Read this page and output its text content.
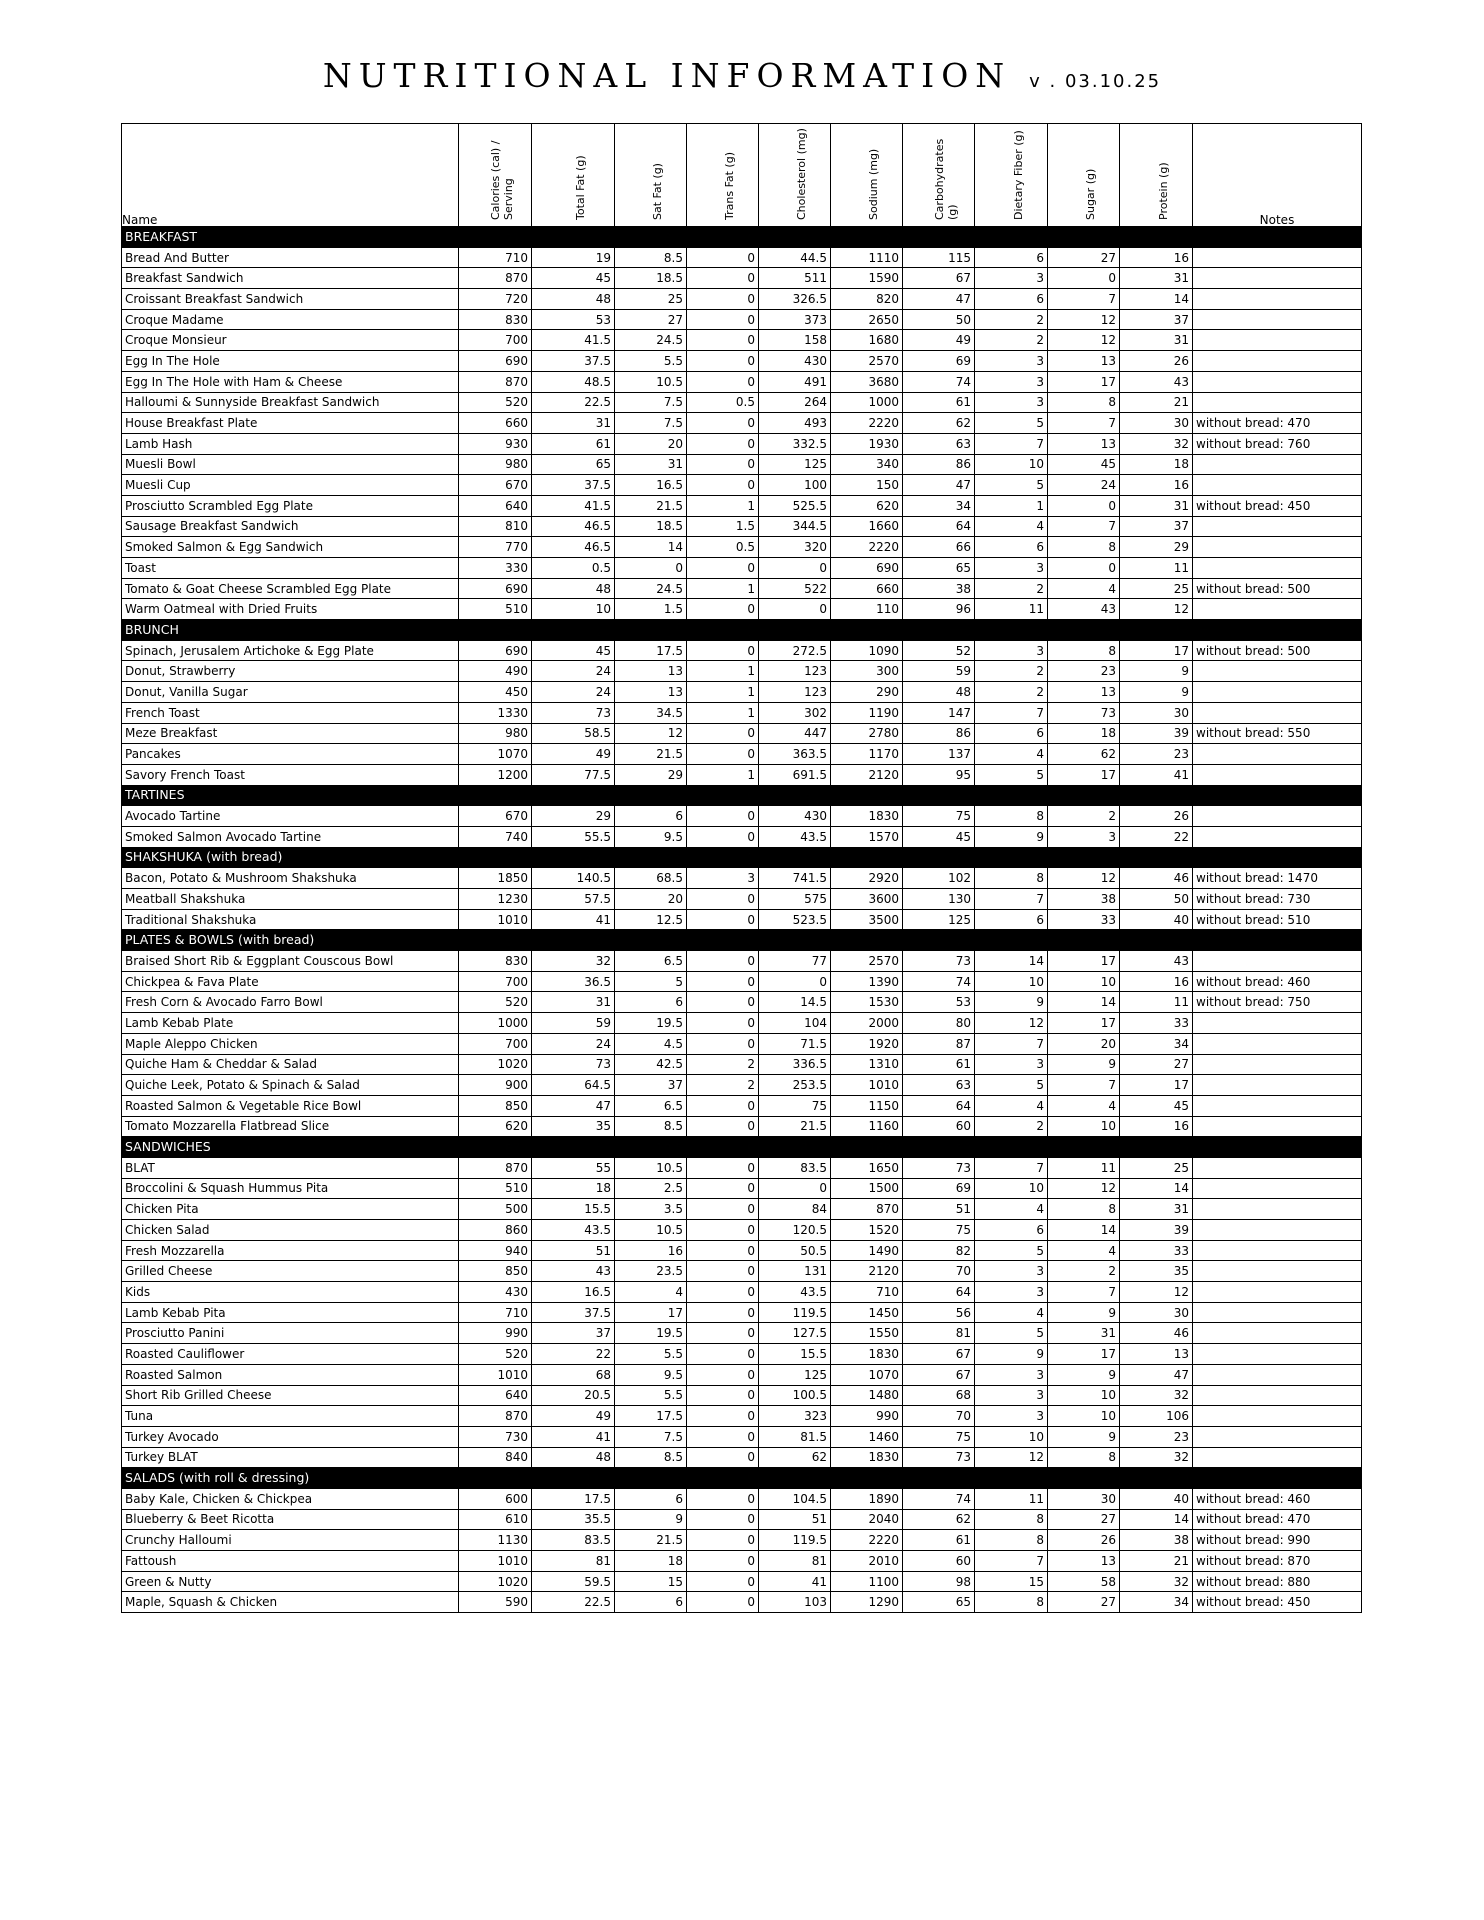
NUTRITIONAL INFORMATION v . 03.10.25
Name	Calories (cal) / Serving	Total Fat (g)	Sat Fat (g)	Trans Fat (g)	Cholesterol (mg)	Sodium (mg)	Carbohydrates (g)	Dietary Fiber (g)	Sugar (g)	Protein (g)	Notes
BREAKFAST											
Bread And Butter	710	19	8.5	0	44.5	1110	115	6	27	16	
Breakfast Sandwich	870	45	18.5	0	511	1590	67	3	0	31	
Croissant Breakfast Sandwich	720	48	25	0	326.5	820	47	6	7	14	
Croque Madame	830	53	27	0	373	2650	50	2	12	37	
Croque Monsieur	700	41.5	24.5	0	158	1680	49	2	12	31	
Egg In The Hole	690	37.5	5.5	0	430	2570	69	3	13	26	
Egg In The Hole with Ham & Cheese	870	48.5	10.5	0	491	3680	74	3	17	43	
Halloumi & Sunnyside Breakfast Sandwich	520	22.5	7.5	0.5	264	1000	61	3	8	21	
House Breakfast Plate	660	31	7.5	0	493	2220	62	5	7	30	without bread: 470
Lamb Hash	930	61	20	0	332.5	1930	63	7	13	32	without bread: 760
Muesli Bowl	980	65	31	0	125	340	86	10	45	18	
Muesli Cup	670	37.5	16.5	0	100	150	47	5	24	16	
Prosciutto Scrambled Egg Plate	640	41.5	21.5	1	525.5	620	34	1	0	31	without bread: 450
Sausage Breakfast Sandwich	810	46.5	18.5	1.5	344.5	1660	64	4	7	37	
Smoked Salmon & Egg Sandwich	770	46.5	14	0.5	320	2220	66	6	8	29	
Toast	330	0.5	0	0	0	690	65	3	0	11	
Tomato & Goat Cheese Scrambled Egg Plate	690	48	24.5	1	522	660	38	2	4	25	without bread: 500
Warm Oatmeal with Dried Fruits	510	10	1.5	0	0	110	96	11	43	12	
BRUNCH											
Spinach, Jerusalem Artichoke & Egg Plate	690	45	17.5	0	272.5	1090	52	3	8	17	without bread: 500
Donut, Strawberry	490	24	13	1	123	300	59	2	23	9	
Donut, Vanilla Sugar	450	24	13	1	123	290	48	2	13	9	
French Toast	1330	73	34.5	1	302	1190	147	7	73	30	
Meze Breakfast	980	58.5	12	0	447	2780	86	6	18	39	without bread: 550
Pancakes	1070	49	21.5	0	363.5	1170	137	4	62	23	
Savory French Toast	1200	77.5	29	1	691.5	2120	95	5	17	41	
TARTINES											
Avocado Tartine	670	29	6	0	430	1830	75	8	2	26	
Smoked Salmon Avocado Tartine	740	55.5	9.5	0	43.5	1570	45	9	3	22	
SHAKSHUKA (with bread)											
Bacon, Potato & Mushroom Shakshuka	1850	140.5	68.5	3	741.5	2920	102	8	12	46	without bread: 1470
Meatball Shakshuka	1230	57.5	20	0	575	3600	130	7	38	50	without bread: 730
Traditional Shakshuka	1010	41	12.5	0	523.5	3500	125	6	33	40	without bread: 510
PLATES & BOWLS (with bread)											
Braised Short Rib & Eggplant Couscous Bowl	830	32	6.5	0	77	2570	73	14	17	43	
Chickpea & Fava Plate	700	36.5	5	0	0	1390	74	10	10	16	without bread: 460
Fresh Corn & Avocado Farro Bowl	520	31	6	0	14.5	1530	53	9	14	11	without bread: 750
Lamb Kebab Plate	1000	59	19.5	0	104	2000	80	12	17	33	
Maple Aleppo Chicken	700	24	4.5	0	71.5	1920	87	7	20	34	
Quiche Ham & Cheddar & Salad	1020	73	42.5	2	336.5	1310	61	3	9	27	
Quiche Leek, Potato & Spinach & Salad	900	64.5	37	2	253.5	1010	63	5	7	17	
Roasted Salmon & Vegetable Rice Bowl	850	47	6.5	0	75	1150	64	4	4	45	
Tomato Mozzarella Flatbread Slice	620	35	8.5	0	21.5	1160	60	2	10	16	
SANDWICHES											
BLAT	870	55	10.5	0	83.5	1650	73	7	11	25	
Broccolini & Squash Hummus Pita	510	18	2.5	0	0	1500	69	10	12	14	
Chicken Pita	500	15.5	3.5	0	84	870	51	4	8	31	
Chicken Salad	860	43.5	10.5	0	120.5	1520	75	6	14	39	
Fresh Mozzarella	940	51	16	0	50.5	1490	82	5	4	33	
Grilled Cheese	850	43	23.5	0	131	2120	70	3	2	35	
Kids	430	16.5	4	0	43.5	710	64	3	7	12	
Lamb Kebab Pita	710	37.5	17	0	119.5	1450	56	4	9	30	
Prosciutto Panini	990	37	19.5	0	127.5	1550	81	5	31	46	
Roasted Cauliflower	520	22	5.5	0	15.5	1830	67	9	17	13	
Roasted Salmon	1010	68	9.5	0	125	1070	67	3	9	47	
Short Rib Grilled Cheese	640	20.5	5.5	0	100.5	1480	68	3	10	32	
Tuna	870	49	17.5	0	323	990	70	3	10	106	
Turkey Avocado	730	41	7.5	0	81.5	1460	75	10	9	23	
Turkey BLAT	840	48	8.5	0	62	1830	73	12	8	32	
SALADS (with roll & dressing)											
Baby Kale, Chicken & Chickpea	600	17.5	6	0	104.5	1890	74	11	30	40	without bread: 460
Blueberry & Beet Ricotta	610	35.5	9	0	51	2040	62	8	27	14	without bread: 470
Crunchy Halloumi	1130	83.5	21.5	0	119.5	2220	61	8	26	38	without bread: 990
Fattoush	1010	81	18	0	81	2010	60	7	13	21	without bread: 870
Green & Nutty	1020	59.5	15	0	41	1100	98	15	58	32	without bread: 880
Maple, Squash & Chicken	590	22.5	6	0	103	1290	65	8	27	34	without bread: 450
